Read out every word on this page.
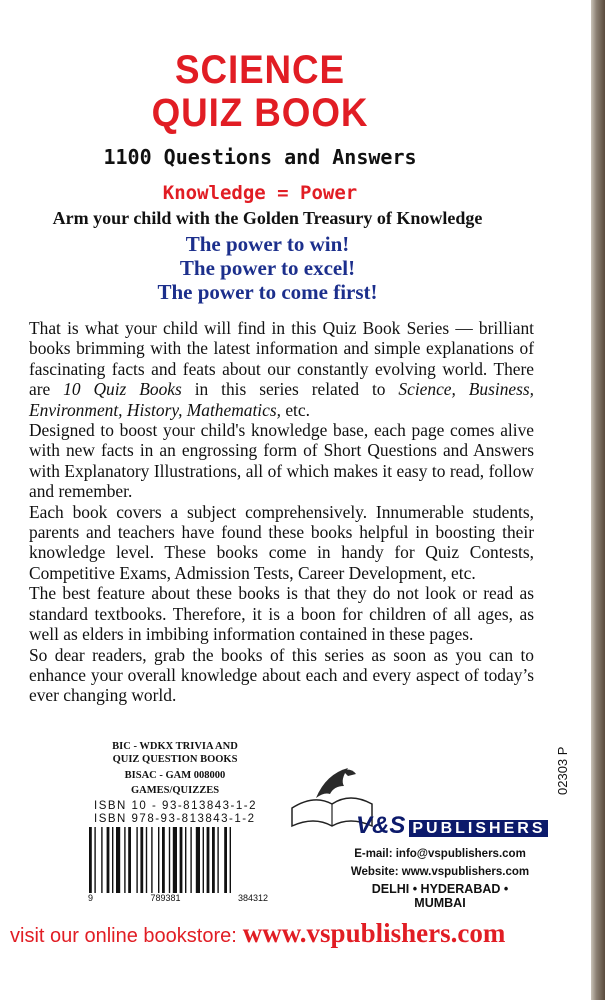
SCIENCE
QUIZ BOOK
1100 Questions and Answers
Knowledge = Power
Arm your child with the Golden Treasury of Knowledge
The power to win!
The power to excel!
The power to come first!

That is what your child will find in this Quiz Book Series — brilliant books brimming with the latest information and simple explanations of fascinating facts and feats about our constantly evolving world. There are 10 Quiz Books in this series related to Science, Business, Environment, History, Mathematics, etc.

Designed to boost your child's knowledge base, each page comes alive with new facts in an engrossing form of Short Questions and Answers with Explanatory Illustrations, all of which makes it easy to read, follow and remember.

Each book covers a subject comprehensively. Innumerable students, parents and teachers have found these books helpful in boosting their knowledge level. These books come in handy for Quiz Contests, Competitive Exams, Admission Tests, Career Development, etc.

The best feature about these books is that they do not look or read as standard textbooks. Therefore, it is a boon for children of all ages, as well as elders in imbibing information contained in these pages.

So dear readers, grab the books of this series as soon as you can to enhance your overall knowledge about each and every aspect of today’s ever changing world.

BIC - WDKX TRIVIA AND
QUIZ QUESTION BOOKS
BISAC - GAM 008000
GAMES/QUIZZES
ISBN 10 - 93-813843-1-2
ISBN 978-93-813843-1-2
9	789381	384312
02303 P
V&S PUBLISHERS
E-mail: info@vspublishers.com
Website: www.vspublishers.com
DELHI • HYDERABAD • MUMBAI
visit our online bookstore: www.vspublishers.com
